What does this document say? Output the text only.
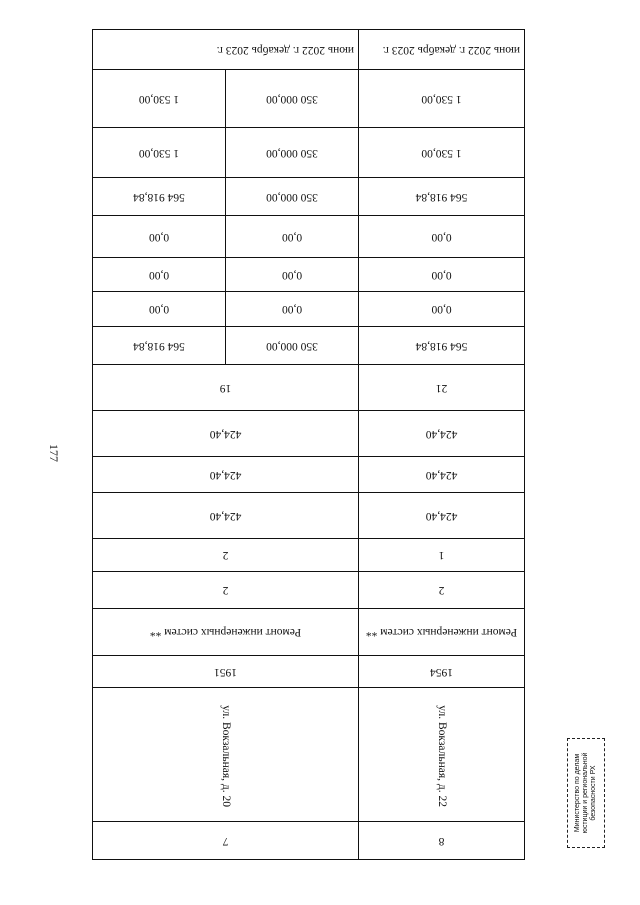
177
Министерство по делам юстиции и региональной безопасности РХ
8	7	
ул. Вокзальная, д. 22	ул. Вокзальная, д. 20	
1954	1951	
Ремонт инженерных систем **	Ремонт инженерных систем **	
2	2	
1	2	
424,40	424,40	
424,40	424,40	
424,40	424,40	
21	19	
564 918,84	350 000,00	564 918,84
0,00	0,00	0,00
0,00	0,00	0,00
0,00	0,00	0,00
564 918,84	350 000,00	564 918,84
1 530,00	350 000,00	1 530,00
1 530,00	350 000,00	1 530,00
июнь 2022 г. декабрь 2023 г.	июнь 2022 г. декабрь 2023 г.	
